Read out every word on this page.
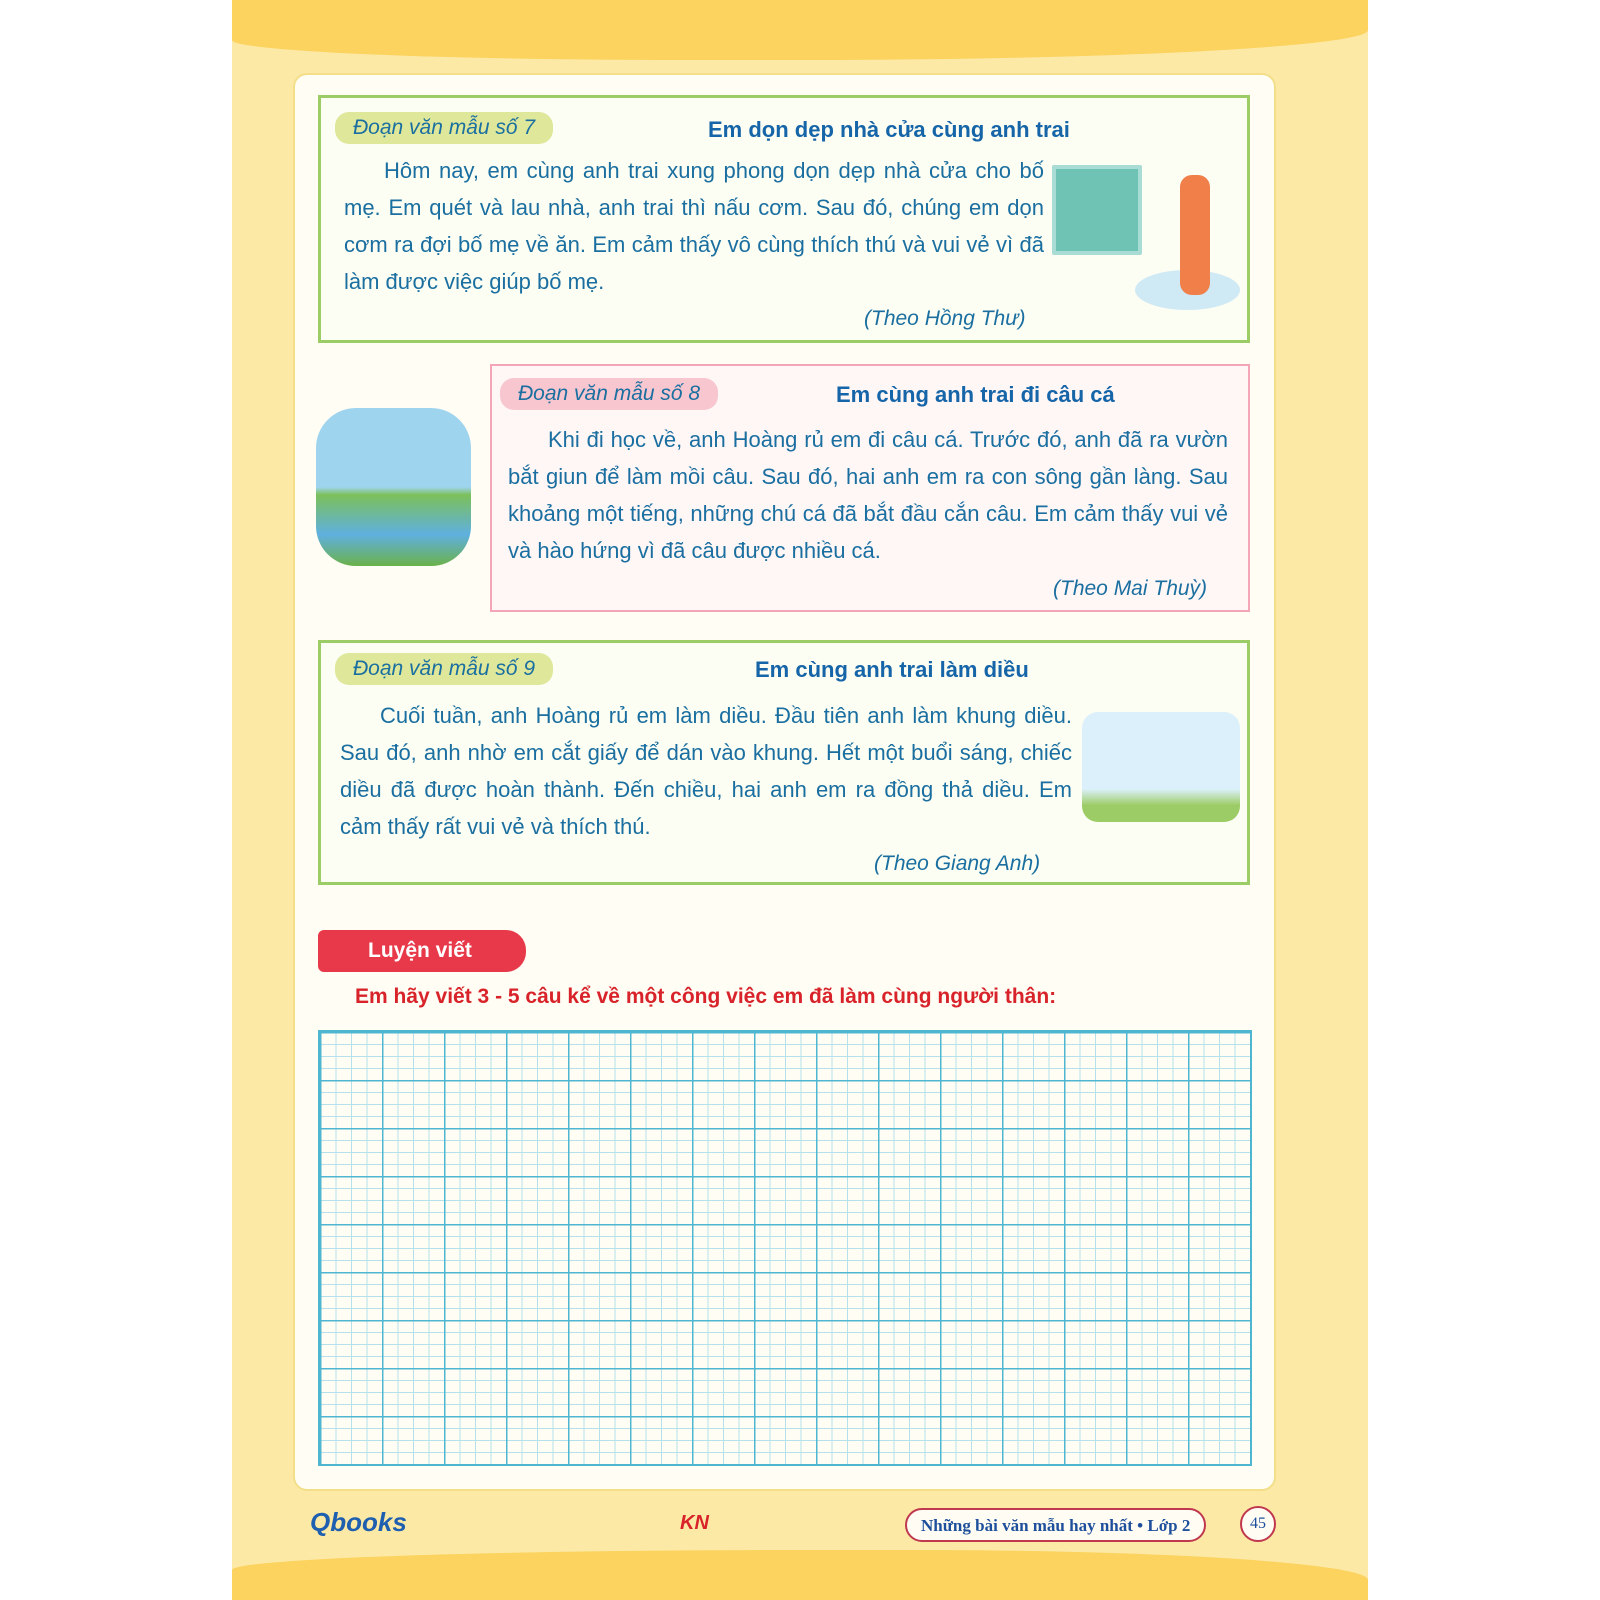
Đoạn văn mẫu số 7	Em dọn dẹp nhà cửa cùng anh trai

Hôm nay, em cùng anh trai xung phong dọn dẹp nhà cửa cho bố mẹ. Em quét và lau nhà, anh trai thì nấu cơm. Sau đó, chúng em dọn cơm ra đợi bố mẹ về ăn. Em cảm thấy vô cùng thích thú và vui vẻ vì đã làm được việc giúp bố mẹ.

(Theo Hồng Thư)
Đoạn văn mẫu số 8	Em cùng anh trai đi câu cá

Khi đi học về, anh Hoàng rủ em đi câu cá. Trước đó, anh đã ra vườn bắt giun để làm mồi câu. Sau đó, hai anh em ra con sông gần làng. Sau khoảng một tiếng, những chú cá đã bắt đầu cắn câu. Em cảm thấy vui vẻ và hào hứng vì đã câu được nhiều cá.

(Theo Mai Thuỳ)
Đoạn văn mẫu số 9	Em cùng anh trai làm diều

Cuối tuần, anh Hoàng rủ em làm diều. Đầu tiên anh làm khung diều. Sau đó, anh nhờ em cắt giấy để dán vào khung. Hết một buổi sáng, chiếc diều đã được hoàn thành. Đến chiều, hai anh em ra đồng thả diều. Em cảm thấy rất vui vẻ và thích thú.

(Theo Giang Anh)
Luyện viết
Em hãy viết 3 - 5 câu kể về một công việc em đã làm cùng người thân:
Qbooks	KN	Những bài văn mẫu hay nhất • Lớp 2	45
